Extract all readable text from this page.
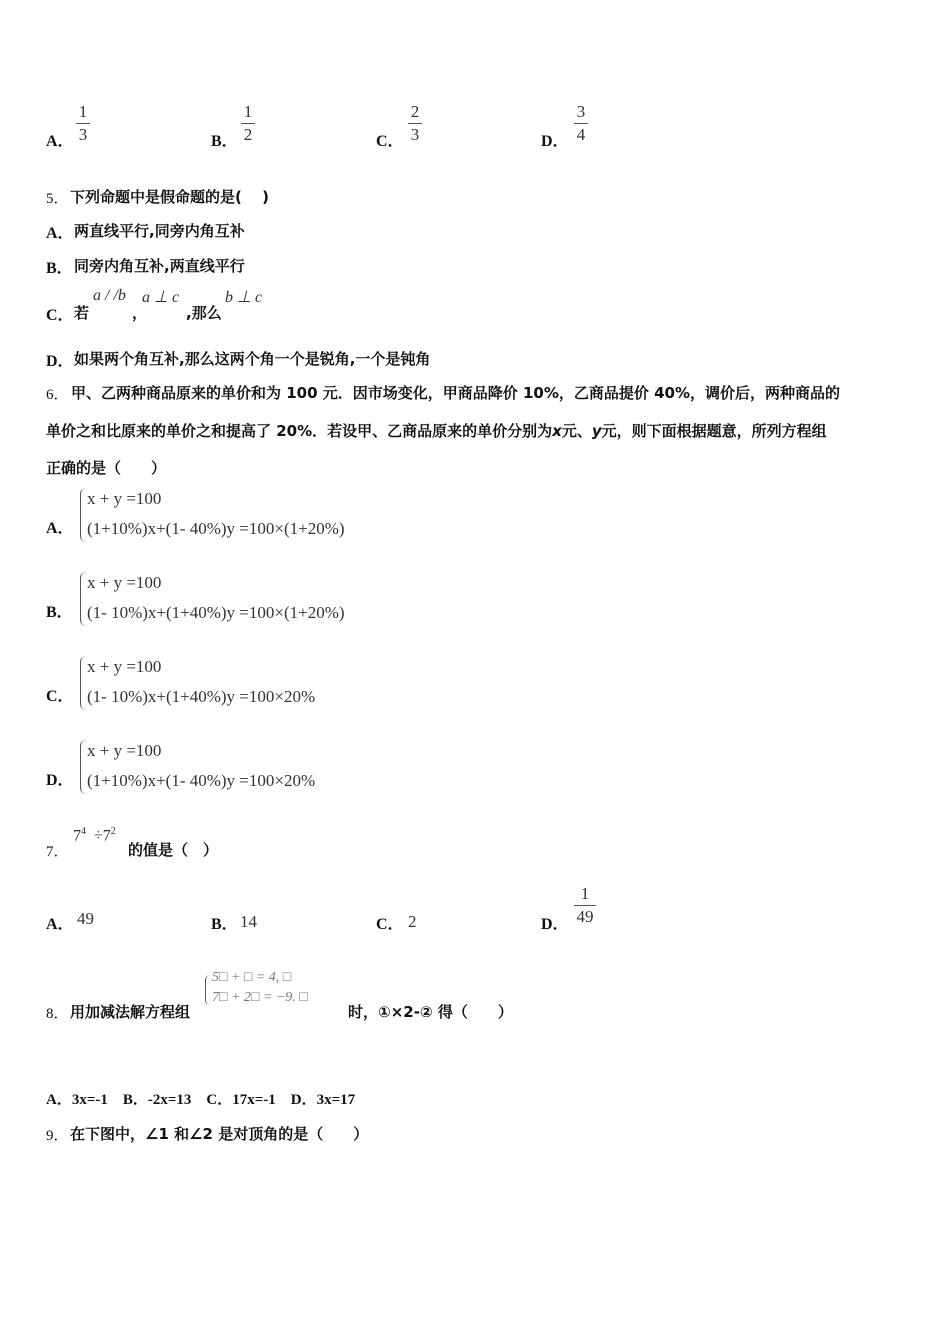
A．
1
3	B．
1
2	C．
2
3	D．
3
4
5． 下列命题中是假命题的是(　 )
A． 两直线平行,同旁内角互补
B． 同旁内角互补,两直线平行
C． 若
a / /b
，
a ⊥ c
,那么
b ⊥ c
D． 如果两个角互补,那么这两个角一个是锐角,一个是钝角
6． 甲、乙两种商品原来的单价和为 100 元．因市场变化，甲商品降价 10%，乙商品提价 40%，调价后，两种商品的
单价之和比原来的单价之和提高了 20%．若设甲、乙商品原来的单价分别为x元、y元，则下面根据题意，所列方程组
正确的是（　　）
A．
x + y =100
(1+10%)x+(1- 40%)y =100×(1+20%)
B．
x + y =100
(1- 10%)x+(1+40%)y =100×(1+20%)
C．
x + y =100
(1- 10%)x+(1+40%)y =100×20%
D．
x + y =100
(1+10%)x+(1- 40%)y =100×20%
7．
$7^4 \div 7^2$
的值是（　）
A． 49	B． 14	C． 2	D．
1
49
8． 用加减法解方程组
5□ + □ = 4, □
7□ + 2□ = −9. □
时，①×2-② 得（　　）
A．3x=-1　B．-2x=13　C．17x=-1　D．3x=17
9． 在下图中，∠1 和∠2 是对顶角的是（　　）
